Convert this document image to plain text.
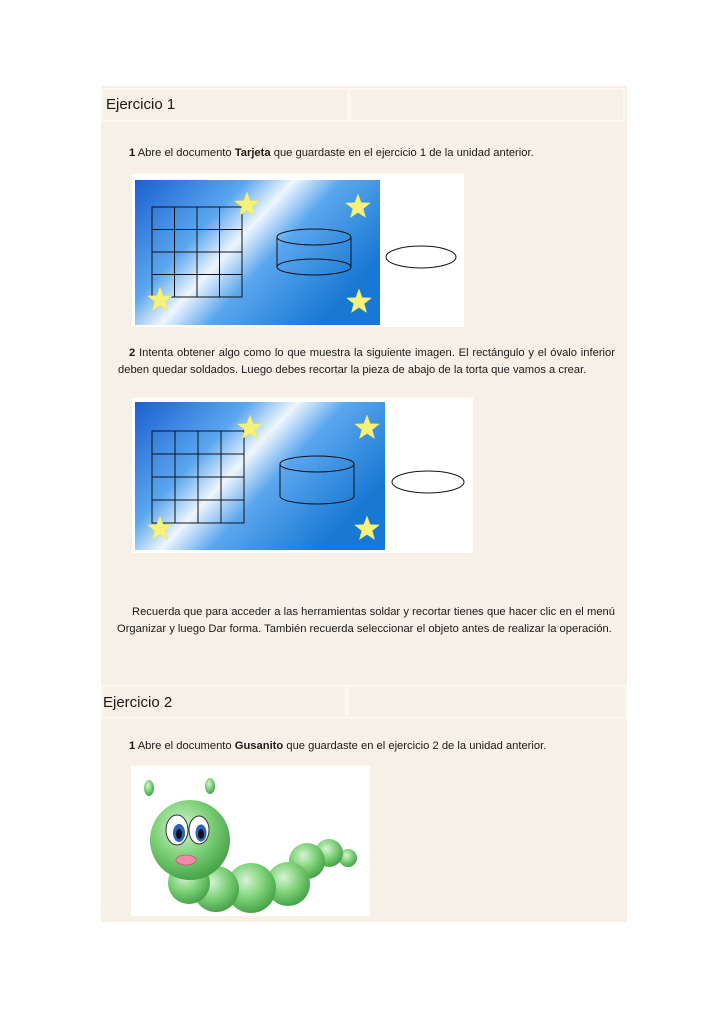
Ejercicio 1
1 Abre el documento Tarjeta que guardaste en el ejercicio 1 de la unidad anterior.
2 Intenta obtener algo como lo que muestra la siguiente imagen. El rectángulo y el óvalo inferior deben quedar soldados. Luego debes recortar la pieza de abajo de la torta que vamos a crear.
Recuerda que para acceder a las herramientas soldar y recortar tienes que hacer clic en el menú Organizar y luego Dar forma. También recuerda seleccionar el objeto antes de realizar la operación.
Ejercicio 2
1 Abre el documento Gusanito que guardaste en el ejercicio 2 de la unidad anterior.
